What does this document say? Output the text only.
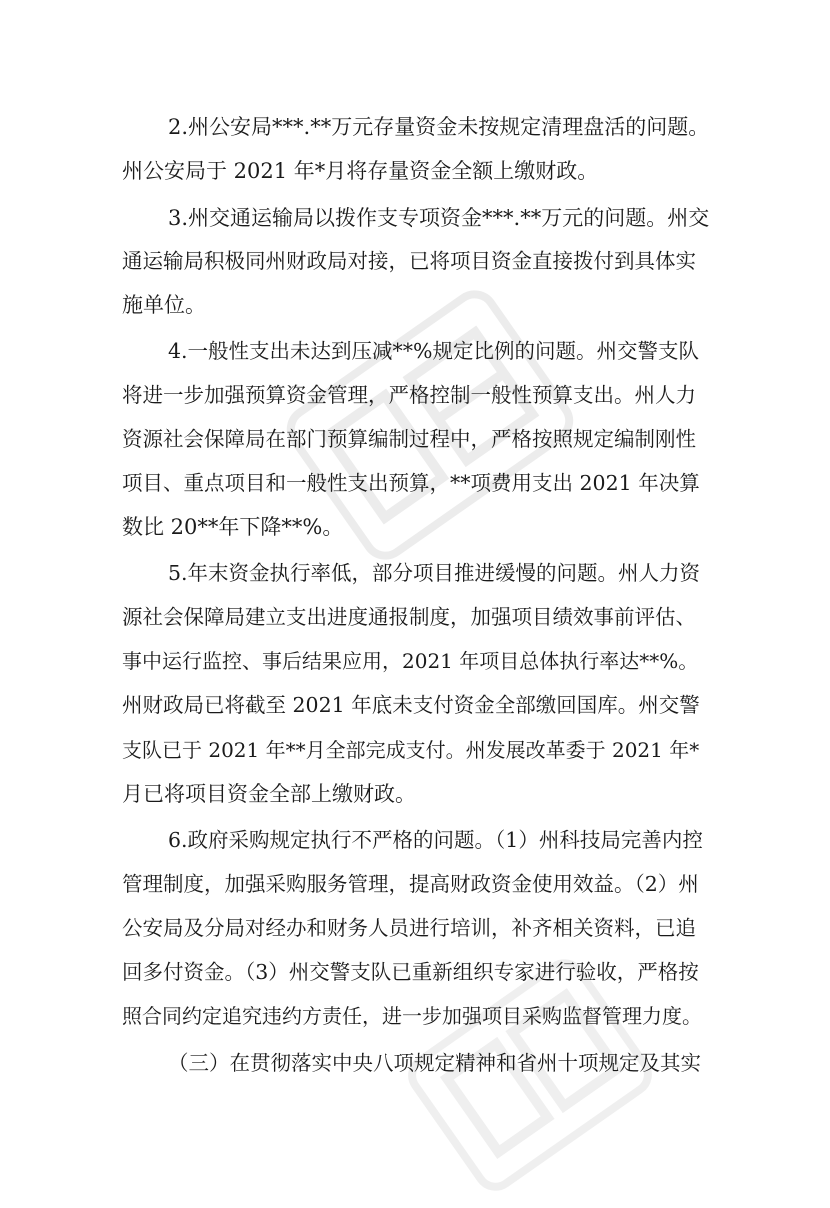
2.州公安局***.**万元存量资金未按规定清理盘活的问题。
州公安局于 2021 年*月将存量资金全额上缴财政。
3.州交通运输局以拨作支专项资金***.**万元的问题。州交
通运输局积极同州财政局对接，已将项目资金直接拨付到具体实
施单位。
4.一般性支出未达到压减**%规定比例的问题。州交警支队
将进一步加强预算资金管理，严格控制一般性预算支出。州人力
资源社会保障局在部门预算编制过程中，严格按照规定编制刚性
项目、重点项目和一般性支出预算，**项费用支出 2021 年决算
数比 20**年下降**%。
5.年末资金执行率低，部分项目推进缓慢的问题。州人力资
源社会保障局建立支出进度通报制度，加强项目绩效事前评估、
事中运行监控、事后结果应用，2021 年项目总体执行率达**%。
州财政局已将截至 2021 年底未支付资金全部缴回国库。州交警
支队已于 2021 年**月全部完成支付。州发展改革委于 2021 年*
月已将项目资金全部上缴财政。
6.政府采购规定执行不严格的问题。（1）州科技局完善内控
管理制度，加强采购服务管理，提高财政资金使用效益。（2）州
公安局及分局对经办和财务人员进行培训，补齐相关资料，已追
回多付资金。（3）州交警支队已重新组织专家进行验收，严格按
照合同约定追究违约方责任，进一步加强项目采购监督管理力度。
（三）在贯彻落实中央八项规定精神和省州十项规定及其实
